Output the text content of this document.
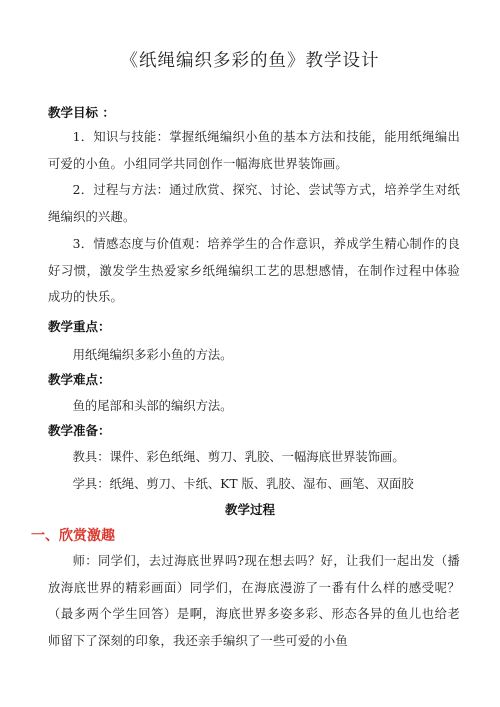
《纸绳编织多彩的鱼》教学设计
教学目标 ：
1．知识与技能：掌握纸绳编织小鱼的基本方法和技能，能用纸绳编出可爱的小鱼。小组同学共同创作一幅海底世界装饰画。
2．过程与方法：通过欣赏、探究、讨论、尝试等方式，培养学生对纸绳编织的兴趣。
3．情感态度与价值观：培养学生的合作意识，养成学生精心制作的良好习惯，激发学生热爱家乡纸绳编织工艺的思想感情，在制作过程中体验成功的快乐。
教学重点：
用纸绳编织多彩小鱼的方法。
教学难点：
鱼的尾部和头部的编织方法。
教学准备：
教具：课件、彩色纸绳、剪刀、乳胶、一幅海底世界装饰画。
学具：纸绳、剪刀、卡纸、KT 版、乳胶、湿布、画笔、双面胶
教学过程
一、欣赏激趣
师：同学们，去过海底世界吗?现在想去吗？好，让我们一起出发（播放海底世界的精彩画面）同学们，在海底漫游了一番有什么样的感受呢？（最多两个学生回答）是啊，海底世界多姿多彩、形态各异的鱼儿也给老师留下了深刻的印象，我还亲手编织了一些可爱的小鱼
